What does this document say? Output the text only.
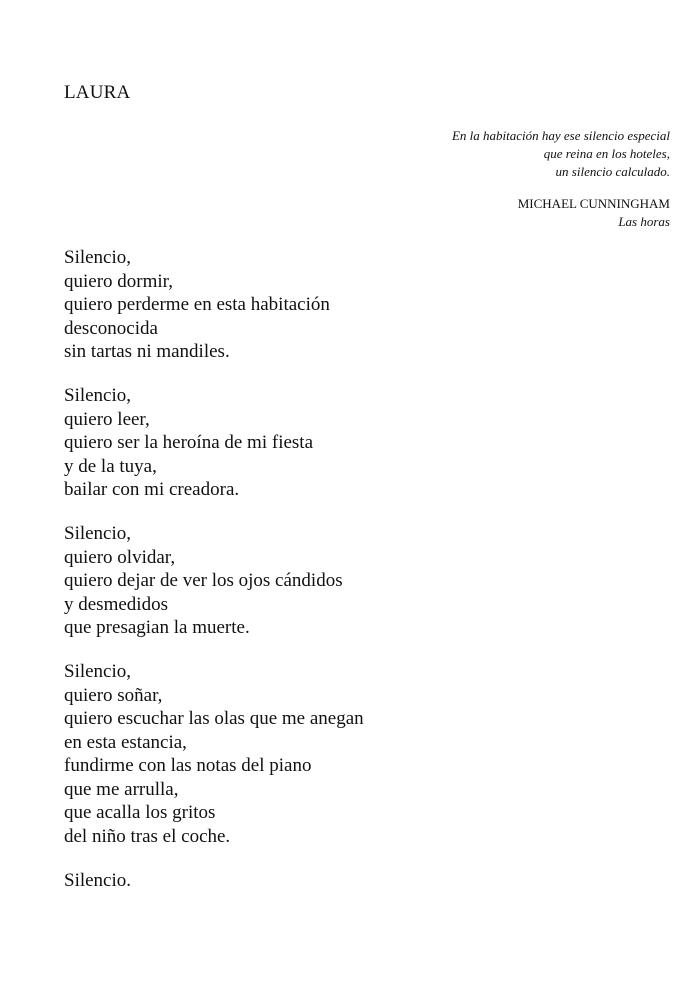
LAURA
En la habitación hay ese silencio especial
que reina en los hoteles,
un silencio calculado.
MICHAEL CUNNINGHAM
Las horas
Silencio,
quiero dormir,
quiero perderme en esta habitación
desconocida
sin tartas ni mandiles.
Silencio,
quiero leer,
quiero ser la heroína de mi fiesta
y de la tuya,
bailar con mi creadora.
Silencio,
quiero olvidar,
quiero dejar de ver los ojos cándidos
y desmedidos
que presagian la muerte.
Silencio,
quiero soñar,
quiero escuchar las olas que me anegan
en esta estancia,
fundirme con las notas del piano
que me arrulla,
que acalla los gritos
del niño tras el coche.
Silencio.
